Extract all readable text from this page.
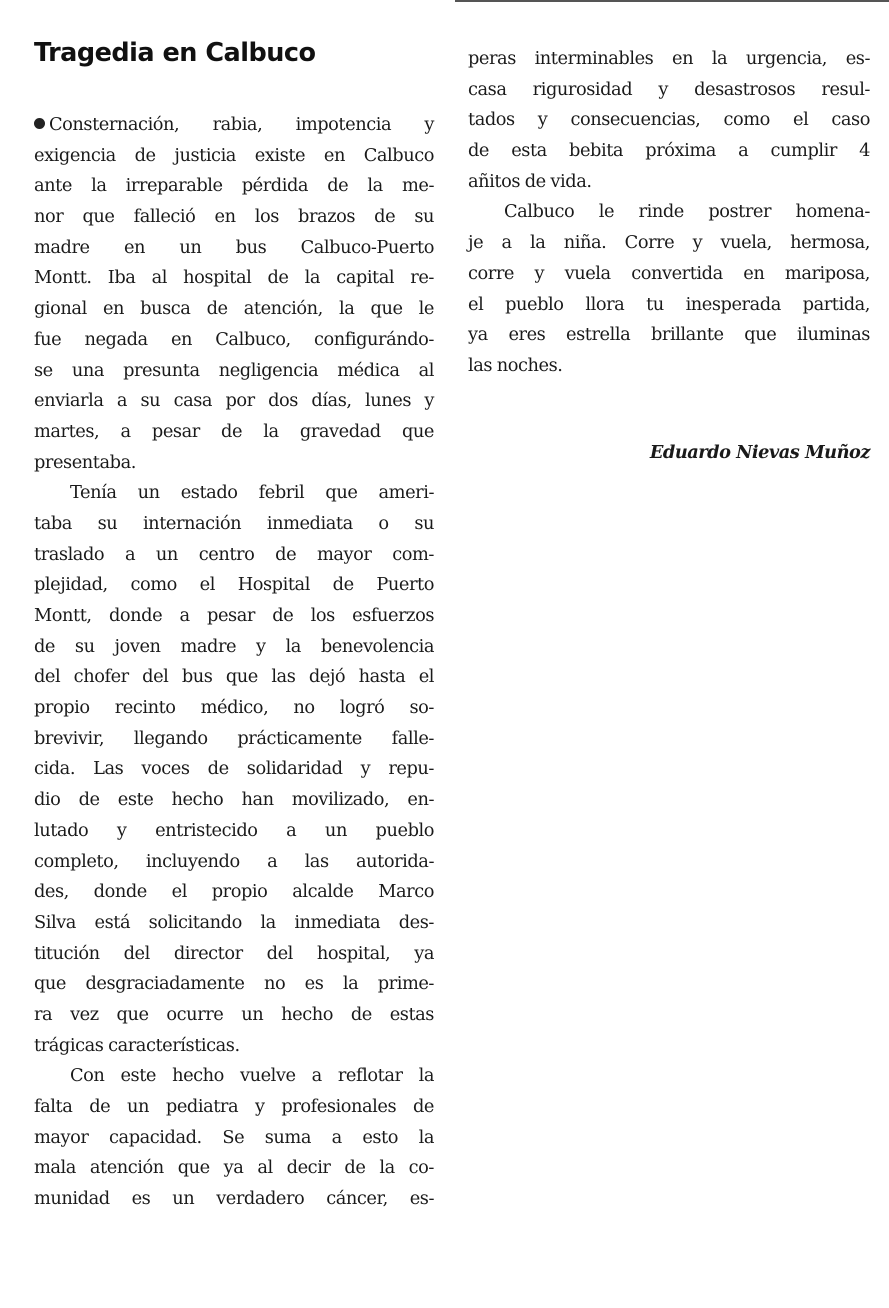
Tragedia en Calbuco
Consternación, rabia, impotencia y
exigencia de justicia existe en Calbuco
ante la irreparable pérdida de la me-
nor que falleció en los brazos de su
madre en un bus Calbuco-Puerto
Montt. Iba al hospital de la capital re-
gional en busca de atención, la que le
fue negada en Calbuco, configurándo-
se una presunta negligencia médica al
enviarla a su casa por dos días, lunes y
martes, a pesar de la gravedad que
presentaba.
Tenía un estado febril que ameri-
taba su internación inmediata o su
traslado a un centro de mayor com-
plejidad, como el Hospital de Puerto
Montt, donde a pesar de los esfuerzos
de su joven madre y la benevolencia
del chofer del bus que las dejó hasta el
propio recinto médico, no logró so-
brevivir, llegando prácticamente falle-
cida. Las voces de solidaridad y repu-
dio de este hecho han movilizado, en-
lutado y entristecido a un pueblo
completo, incluyendo a las autorida-
des, donde el propio alcalde Marco
Silva está solicitando la inmediata des-
titución del director del hospital, ya
que desgraciadamente no es la prime-
ra vez que ocurre un hecho de estas
trágicas características.
Con este hecho vuelve a reflotar la
falta de un pediatra y profesionales de
mayor capacidad. Se suma a esto la
mala atención que ya al decir de la co-
munidad es un verdadero cáncer, es-
peras interminables en la urgencia, es-
casa rigurosidad y desastrosos resul-
tados y consecuencias, como el caso
de esta bebita próxima a cumplir 4
añitos de vida.
Calbuco le rinde postrer homena-
je a la niña. Corre y vuela, hermosa,
corre y vuela convertida en mariposa,
el pueblo llora tu inesperada partida,
ya eres estrella brillante que iluminas
las noches.

Eduardo Nievas Muñoz
